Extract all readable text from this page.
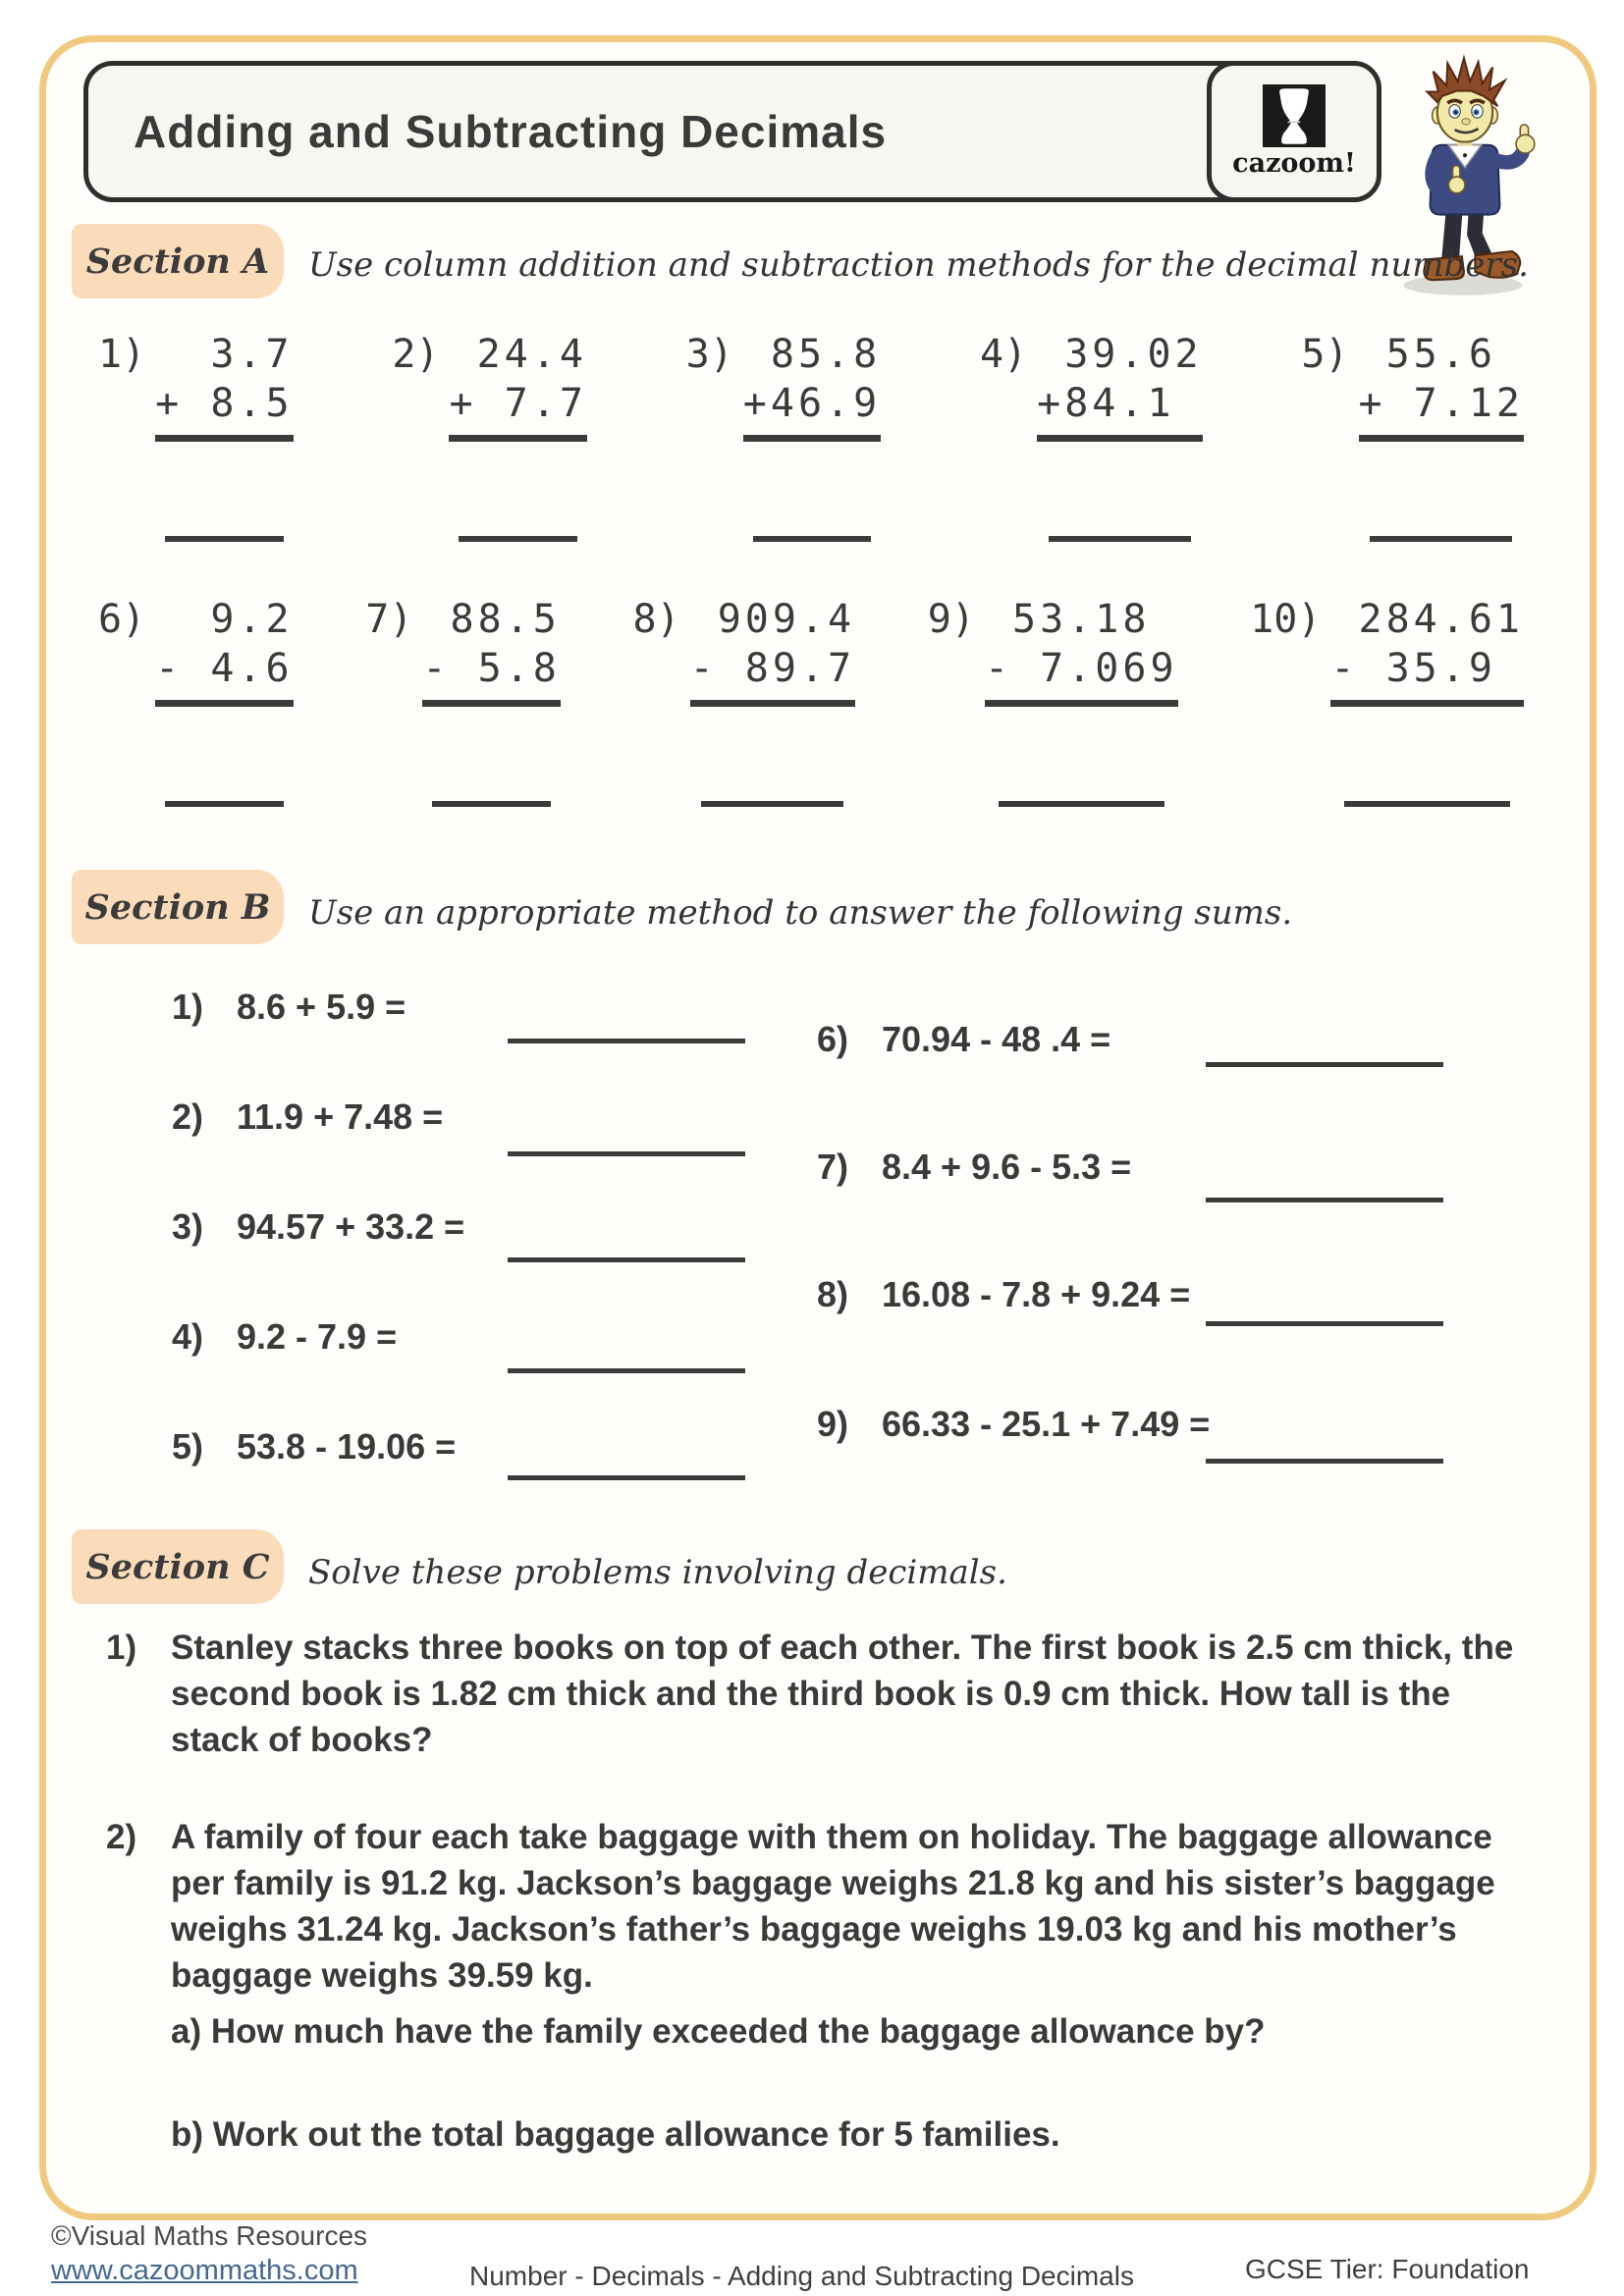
Adding and Subtracting Decimals
cazoom!
Section A Use column addition and subtraction methods for the decimal numbers.
1) 3.7
+ 8.5
2) 24.4
+ 7.7
3) 85.8
+46.9
4) 39.02
+84.1
5) 55.6
+ 7.12
6) 9.2
- 4.6
7) 88.5
- 5.8
8) 909.4
- 89.7
9) 53.18
- 7.069
10) 284.61
- 35.9
Section B Use an appropriate method to answer the following sums.
1) 8.6 + 5.9 =
2) 11.9 + 7.48 =
3) 94.57 + 33.2 =
4) 9.2 - 7.9 =
5) 53.8 - 19.06 =
6) 70.94 - 48 .4 =
7) 8.4 + 9.6 - 5.3 =
8) 16.08 - 7.8 + 9.24 =
9) 66.33 - 25.1 + 7.49 =
Section C Solve these problems involving decimals.
1) Stanley stacks three books on top of each other. The first book is 2.5 cm thick, the second book is 1.82 cm thick and the third book is 0.9 cm thick. How tall is the stack of books?
2) A family of four each take baggage with them on holiday. The baggage allowance per family is 91.2 kg. Jackson’s baggage weighs 21.8 kg and his sister’s baggage weighs 31.24 kg. Jackson’s father’s baggage weighs 19.03 kg and his mother’s baggage weighs 39.59 kg.
a) How much have the family exceeded the baggage allowance by?
b) Work out the total baggage allowance for 5 families.
©Visual Maths Resources
www.cazoommaths.com	Number - Decimals - Adding and Subtracting Decimals	GCSE Tier: Foundation
